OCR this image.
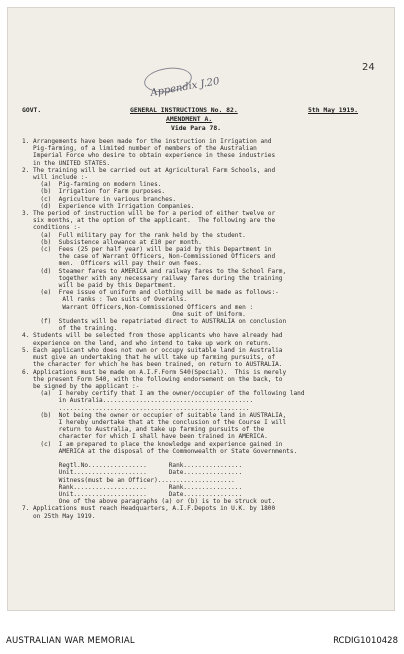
Appendix J.20
24
GOVT.	GENERAL INSTRUCTIONS No. 82.	5th May 1919.
AMENDMENT A.
Vide Para 78.
1. Arrangements have been made for the instruction in Irrigation and
Pig-farming, of a limited number of members of the Australian
Imperial Force who desire to obtain experience in these industries
in the UNITED STATES.
2. The training will be carried out at Agricultural Farm Schools, and
will include :-
(a)  Pig-farming on modern lines.
(b)  Irrigation for Farm purposes.
(c)  Agriculture in various branches.
(d)  Experience with Irrigation Companies.
3. The period of instruction will be for a period of either twelve or
six months, at the option of the applicant.  The following are the
conditions :-
(a)  Full military pay for the rank held by the student.
(b)  Subsistence allowance at £10 per month.
(c)  Fees (25 per half year) will be paid by this Department in
the case of Warrant Officers, Non-Commissioned Officers and
men.  Officers will pay their own fees.
(d)  Steamer fares to AMERICA and railway fares to the School Farm,
together with any necessary railway fares during the training
will be paid by this Department.
(e)  Free issue of uniform and clothing will be made as follows:-
All ranks : Two suits of Overalls.
Warrant Officers,Non-Commissioned Officers and men :
One suit of Uniform.
(f)  Students will be repatriated direct to AUSTRALIA on conclusion
of the training.
4. Students will be selected from those applicants who have already had
experience on the land, and who intend to take up work on return.
5. Each applicant who does not own or occupy suitable land in Australia
must give an undertaking that he will take up farming pursuits, of
the character for which he has been trained, on return to AUSTRALIA.
6. Applications must be made on A.I.F.Form 540(Special).  This is merely
the present Form 540, with the following endorsement on the back, to
be signed by the applicant :-
(a)  I hereby certify that I am the owner/occupier of the following land
in Australia.........................................
....................................................
(b)  Not being the owner or occupier of suitable land in AUSTRALIA,
I hereby undertake that at the conclusion of the Course I will
return to Australia, and take up farming pursuits of the
character for which I shall have been trained in AMERICA.
(c)  I am prepared to place the knowledge and experience gained in
AMERICA at the disposal of the Commonwealth or State Governments.

Regtl.No................      Rank................
Unit....................      Date................
Witness(must be an Officer).....................
Rank....................      Rank................
Unit....................      Date................
One of the above paragraphs (a) or (b) is to be struck out.
7. Applications must reach Headquarters, A.I.F.Depots in U.K. by 1800
on 25th May 1919.
AUSTRALIAN WAR MEMORIAL	RCDIG1010428
